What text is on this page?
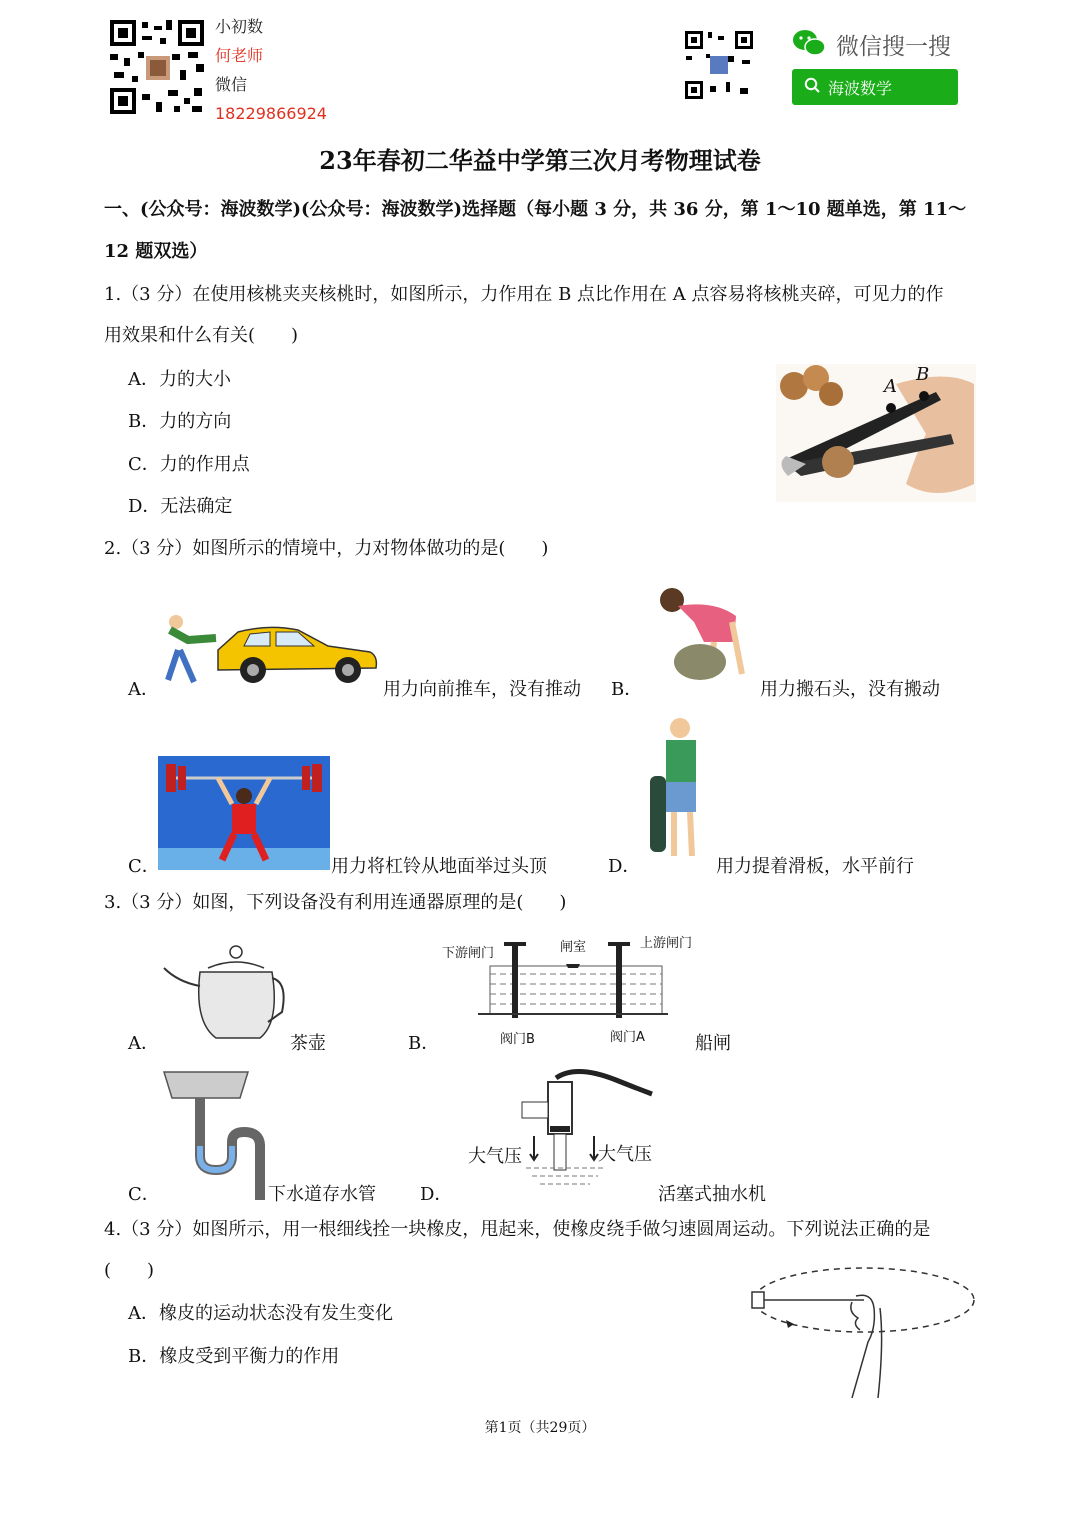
小初数
何老师
微信
18229866924
微信搜一搜
海波数学
23年春初二华益中学第三次月考物理试卷
一、(公众号：海波数学)(公众号：海波数学)选择题（每小题 3 分，共 36 分，第 1～10 题单选，第 11～
12 题双选）
1.（3 分）在使用核桃夹夹核桃时，如图所示，力作用在 B 点比作用在 A 点容易将核桃夹碎，可见力的作
用效果和什么有关(　　)
A．力的大小
B．力的方向
C．力的作用点
D．无法确定
A
B
2.（3 分）如图所示的情境中，力对物体做功的是(　　)
A．	用力向前推车，没有推动 B．	用力搬石头，没有搬动
C．	用力将杠铃从地面举过头顶	D．	用力提着滑板，水平前行
3.（3 分）如图，下列设备没有利用连通器原理的是(　　)
A．	茶壶
下游闸门	闸室	上游闸门
阀门B	阀门A
B．	船闸
C．	下水道存水管
大气压	大气压
D．	活塞式抽水机
4.（3 分）如图所示，用一根细线拴一块橡皮，甩起来，使橡皮绕手做匀速圆周运动。下列说法正确的是
(　　)
A．橡皮的运动状态没有发生变化
B．橡皮受到平衡力的作用
第1页（共29页）
